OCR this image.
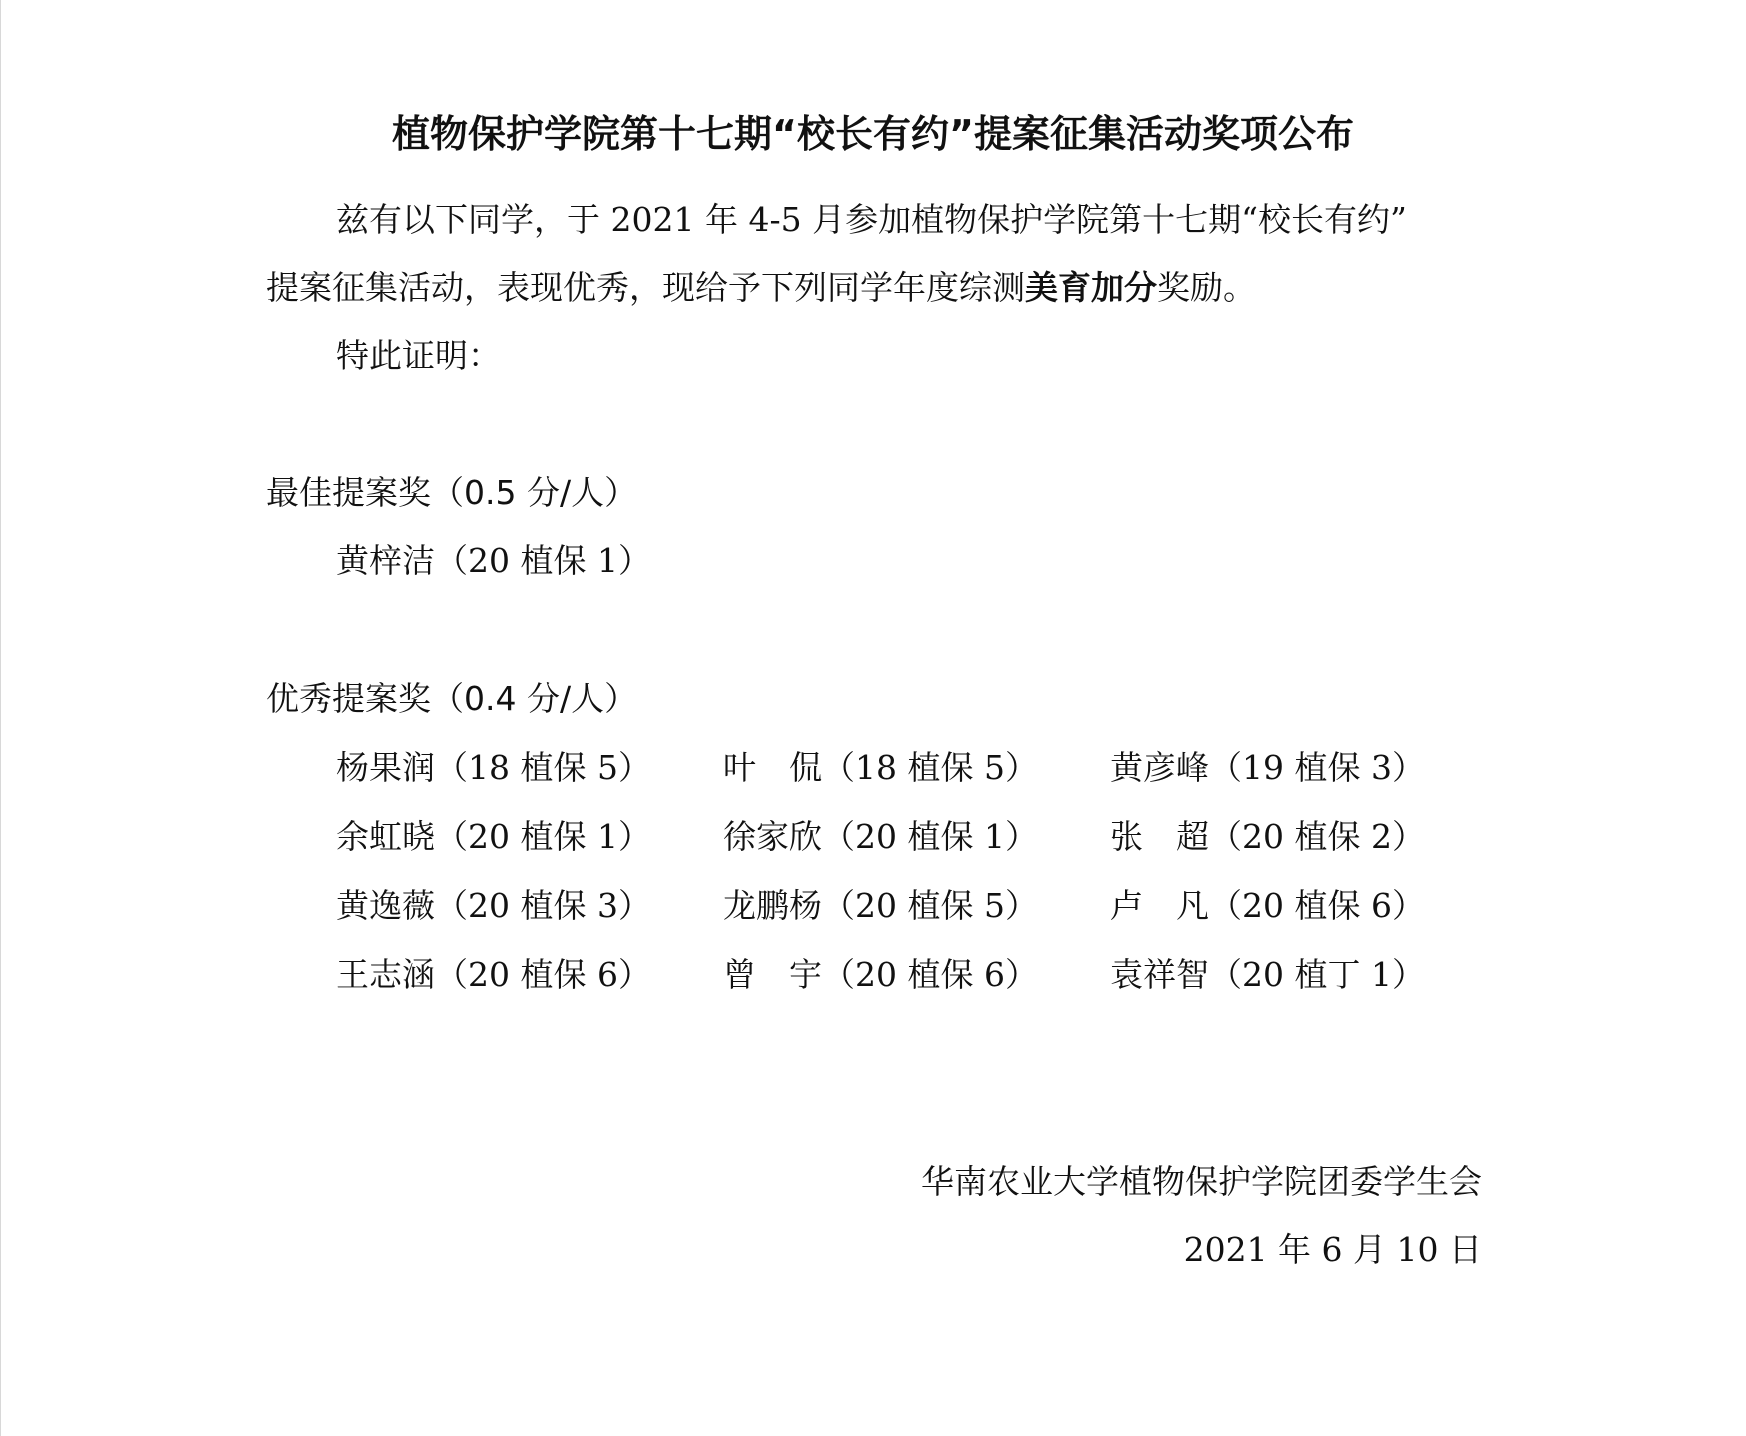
植物保护学院第十七期“校长有约”提案征集活动奖项公布
兹有以下同学，于 2021 年 4-5 月参加植物保护学院第十七期“校长有约”
提案征集活动，表现优秀，现给予下列同学年度综测美育加分奖励。
特此证明：
最佳提案奖（0.5 分/人）
黄梓洁（20 植保 1）
优秀提案奖（0.4 分/人）
杨果润（18 植保 5）	叶　侃（18 植保 5）	黄彦峰（19 植保 3）
余虹晓（20 植保 1）	徐家欣（20 植保 1）	张　超（20 植保 2）
黄逸薇（20 植保 3）	龙鹏杨（20 植保 5）	卢　凡（20 植保 6）
王志涵（20 植保 6）	曾　宇（20 植保 6）	袁祥智（20 植丁 1）
华南农业大学植物保护学院团委学生会
2021 年 6 月 10 日
